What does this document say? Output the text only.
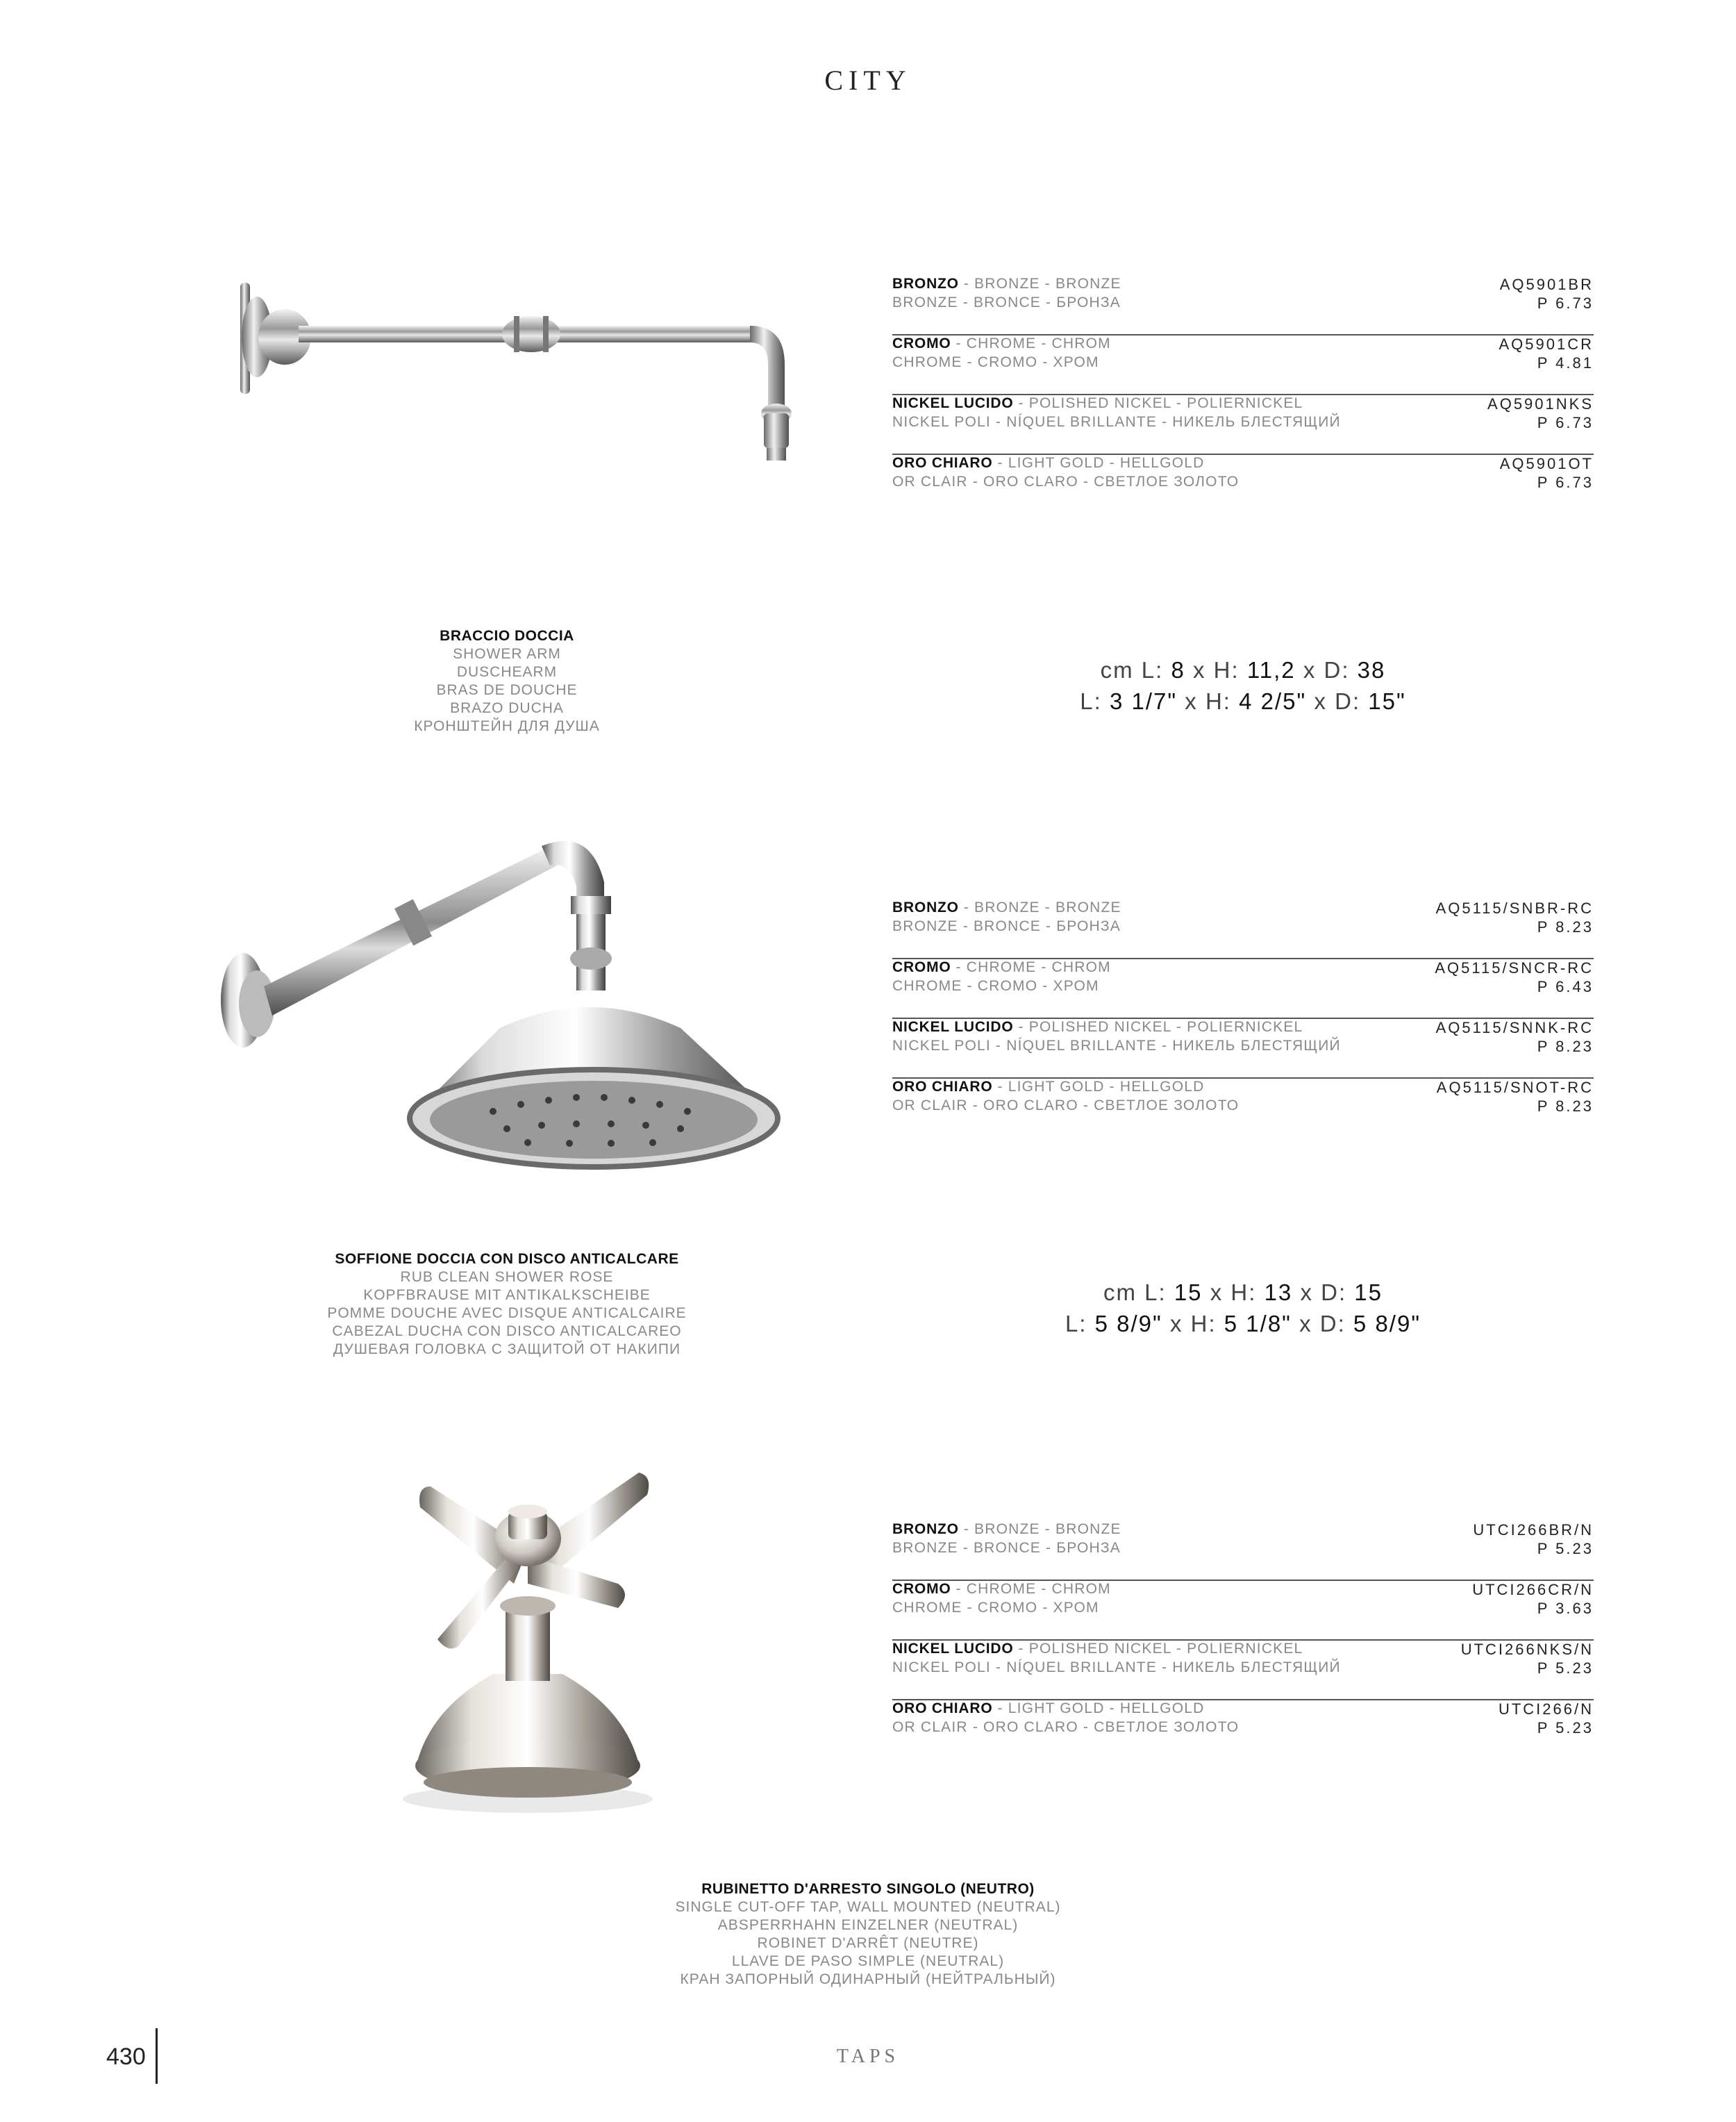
CITY
BRONZO - BRONZE - BRONZE
BRONZE - BRONCE - БРОНЗА
AQ5901BR
P 6.73
CROMO - CHROME - CHROM
CHROME - CROMO - ХРОМ
AQ5901CR
P 4.81
NICKEL LUCIDO - POLISHED NICKEL - POLIERNICKEL
NICKEL POLI - NÍQUEL BRILLANTE - НИКЕЛЬ БЛЕСТЯЩИЙ
AQ5901NKS
P 6.73
ORO CHIARO - LIGHT GOLD - HELLGOLD
OR CLAIR - ORO CLARO - СВЕТЛОЕ ЗОЛОТО
AQ5901OT
P 6.73
BRACCIO DOCCIA
SHOWER ARM
DUSCHEARM
BRAS DE DOUCHE
BRAZO DUCHA
КРОНШТЕЙН ДЛЯ ДУША
cm L: 8 x H: 11,2 x D: 38
L: 3 1/7" x H: 4 2/5" x D: 15"
BRONZO - BRONZE - BRONZE
BRONZE - BRONCE - БРОНЗА
AQ5115/SNBR-RC
P 8.23
CROMO - CHROME - CHROM
CHROME - CROMO - ХРОМ
AQ5115/SNCR-RC
P 6.43
NICKEL LUCIDO - POLISHED NICKEL - POLIERNICKEL
NICKEL POLI - NÍQUEL BRILLANTE - НИКЕЛЬ БЛЕСТЯЩИЙ
AQ5115/SNNK-RC
P 8.23
ORO CHIARO - LIGHT GOLD - HELLGOLD
OR CLAIR - ORO CLARO - СВЕТЛОЕ ЗОЛОТО
AQ5115/SNOT-RC
P 8.23
SOFFIONE DOCCIA CON DISCO ANTICALCARE
RUB CLEAN SHOWER ROSE
KOPFBRAUSE MIT ANTIKALKSCHEIBE
POMME DOUCHE AVEC DISQUE ANTICALCAIRE
CABEZAL DUCHA CON DISCO ANTICALCAREO
ДУШЕВАЯ ГОЛОВКА С ЗАЩИТОЙ ОТ НАКИПИ
cm L: 15 x H: 13 x D: 15
L: 5 8/9" x H: 5 1/8" x D: 5 8/9"
BRONZO - BRONZE - BRONZE
BRONZE - BRONCE - БРОНЗА
UTCI266BR/N
P 5.23
CROMO - CHROME - CHROM
CHROME - CROMO - ХРОМ
UTCI266CR/N
P 3.63
NICKEL LUCIDO - POLISHED NICKEL - POLIERNICKEL
NICKEL POLI - NÍQUEL BRILLANTE - НИКЕЛЬ БЛЕСТЯЩИЙ
UTCI266NKS/N
P 5.23
ORO CHIARO - LIGHT GOLD - HELLGOLD
OR CLAIR - ORO CLARO - СВЕТЛОЕ ЗОЛОТО
UTCI266/N
P 5.23
RUBINETTO D'ARRESTO SINGOLO (NEUTRO)
SINGLE CUT-OFF TAP, WALL MOUNTED (NEUTRAL)
ABSPERRHAHN EINZELNER (NEUTRAL)
ROBINET D'ARRÊT (NEUTRE)
LLAVE DE PASO SIMPLE (NEUTRAL)
КРАН ЗАПОРНЫЙ ОДИНАРНЫЙ (НЕЙТРАЛЬНЫЙ)
430	TAPS
